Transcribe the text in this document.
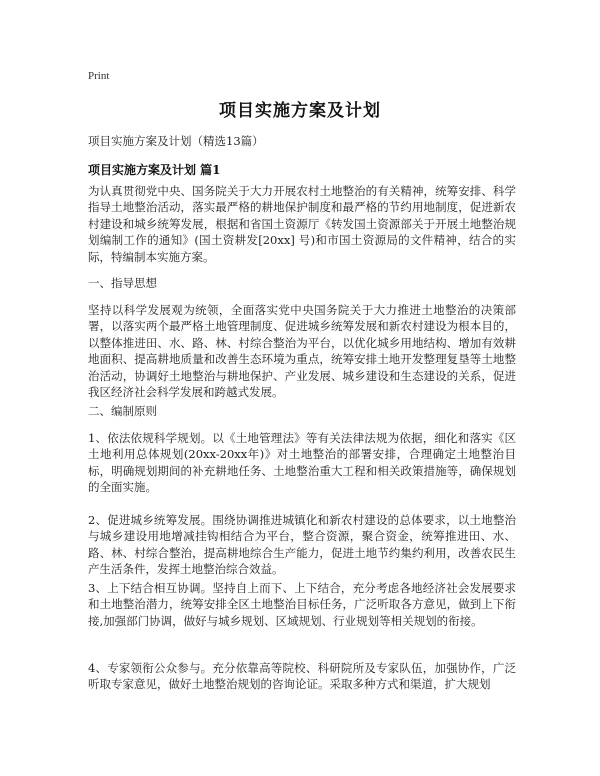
Print
项目实施方案及计划
项目实施方案及计划（精选13篇）
项目实施方案及计划 篇1

为认真贯彻党中央、国务院关于大力开展农村土地整治的有关精神，统筹安排、科学指导土地整治活动，落实最严格的耕地保护制度和最严格的节约用地制度，促进新农村建设和城乡统筹发展，根据和省国土资源厅《转发国土资源部关于开展土地整治规划编制工作的通知》(国土资耕发[20xx] 号)和市国土资源局的文件精神，结合的实际，特编制本实施方案。

一、指导思想

坚持以科学发展观为统领，全面落实党中央国务院关于大力推进土地整治的决策部署，以落实两个最严格土地管理制度、促进城乡统筹发展和新农村建设为根本目的，以整体推进田、水、路、林、村综合整治为平台，以优化城乡用地结构、增加有效耕地面积、提高耕地质量和改善生态环境为重点，统筹安排土地开发整理复垦等土地整治活动，协调好土地整治与耕地保护、产业发展、城乡建设和生态建设的关系，促进我区经济社会科学发展和跨越式发展。

二、编制原则

1、依法依规科学规划。以《土地管理法》等有关法律法规为依据，细化和落实《区土地利用总体规划(20xx-20xx年)》对土地整治的部署安排，合理确定土地整治目标，明确规划期间的补充耕地任务、土地整治重大工程和相关政策措施等，确保规划的全面实施。

2、促进城乡统筹发展。围绕协调推进城镇化和新农村建设的总体要求，以土地整治与城乡建设用地增减挂钩相结合为平台，整合资源，聚合资金，统筹推进田、水、路、林、村综合整治，提高耕地综合生产能力，促进土地节约集约利用，改善农民生产生活条件，发挥土地整治综合效益。

3、上下结合相互协调。坚持自上而下、上下结合，充分考虑各地经济社会发展要求和土地整治潜力，统筹安排全区土地整治目标任务，广泛听取各方意见，做到上下衔接,加强部门协调，做好与城乡规划、区域规划、行业规划等相关规划的衔接。

4、专家领衔公众参与。充分依靠高等院校、科研院所及专家队伍，加强协作，广泛听取专家意见，做好土地整治规划的咨询论证。采取多种方式和渠道，扩大规划
